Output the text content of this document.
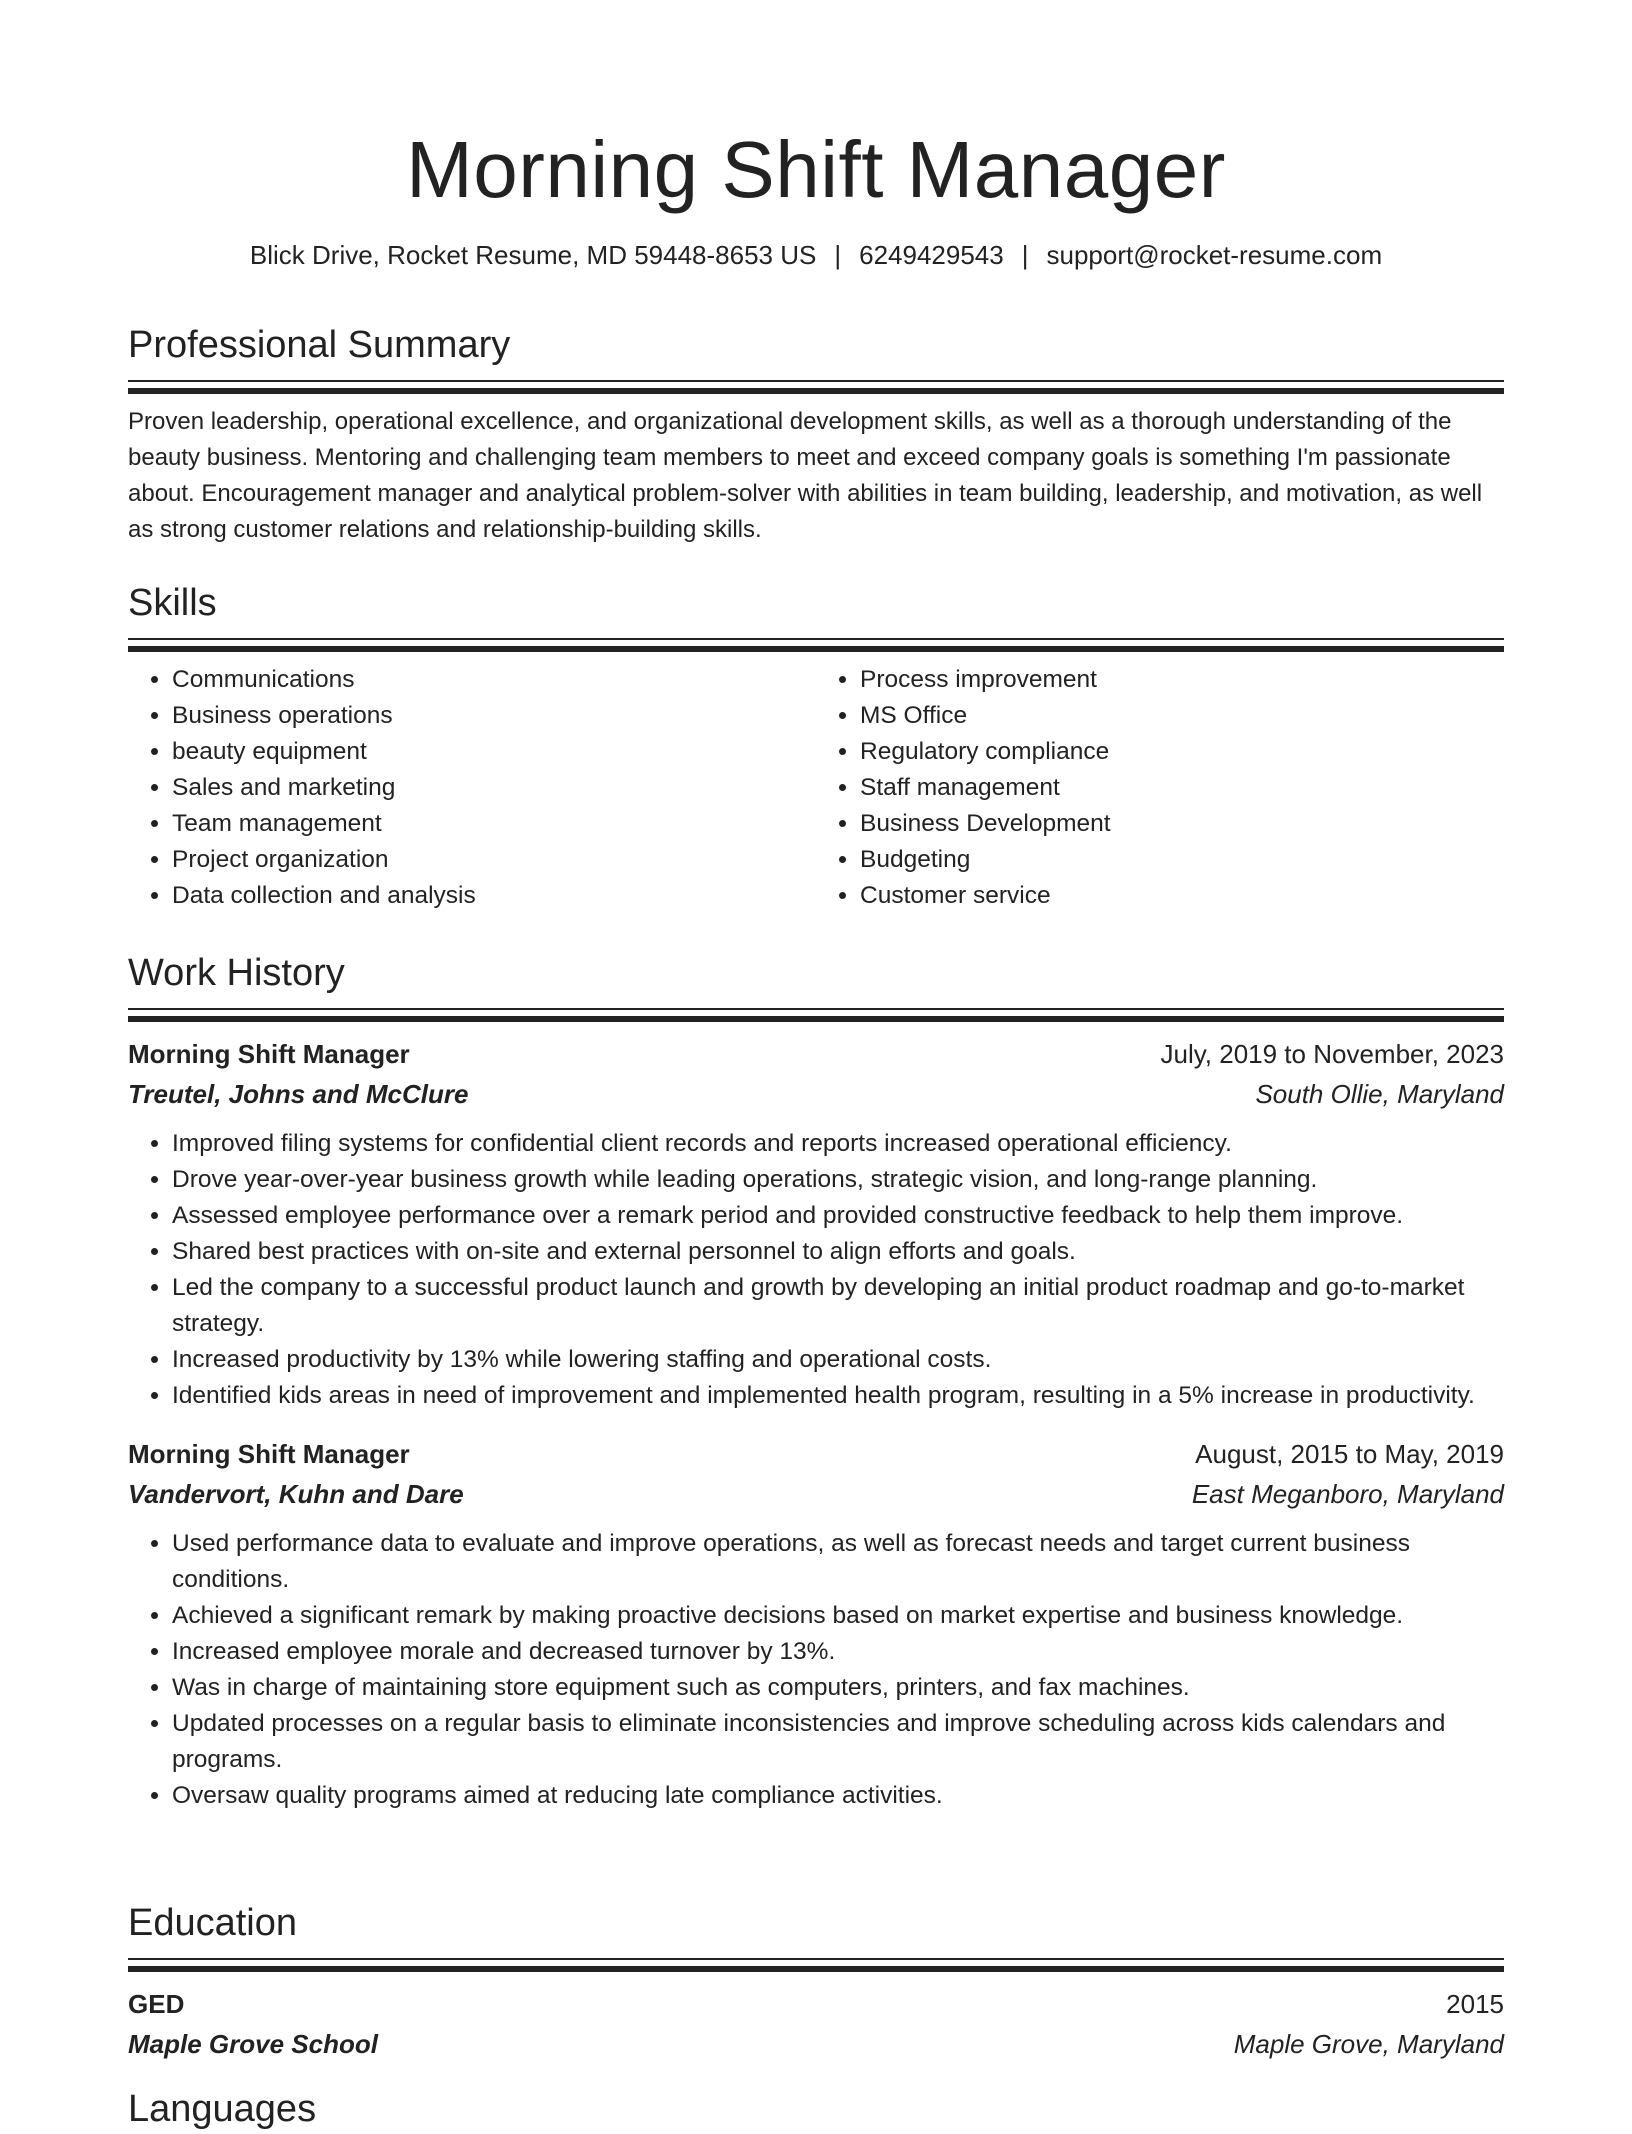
Morning Shift Manager
Blick Drive, Rocket Resume, MD 59448-8653 US | 6249429543 | support@rocket-resume.com
Professional Summary

Proven leadership, operational excellence, and organizational development skills, as well as a thorough understanding of the beauty business. Mentoring and challenging team members to meet and exceed company goals is something I'm passionate about. Encouragement manager and analytical problem-solver with abilities in team building, leadership, and motivation, as well as strong customer relations and relationship-building skills.

Skills
• Communications
• Business operations
• beauty equipment
• Sales and marketing
• Team management
• Project organization
• Data collection and analysis
• Process improvement
• MS Office
• Regulatory compliance
• Staff management
• Business Development
• Budgeting
• Customer service
Work History
Morning Shift Manager	July, 2019 to November, 2023
Treutel, Johns and McClure	South Ollie, Maryland
• Improved filing systems for confidential client records and reports increased operational efficiency.
• Drove year-over-year business growth while leading operations, strategic vision, and long-range planning.
• Assessed employee performance over a remark period and provided constructive feedback to help them improve.
• Shared best practices with on-site and external personnel to align efforts and goals.
• Led the company to a successful product launch and growth by developing an initial product roadmap and go-to-market strategy.
• Increased productivity by 13% while lowering staffing and operational costs.
• Identified kids areas in need of improvement and implemented health program, resulting in a 5% increase in productivity.
Morning Shift Manager	August, 2015 to May, 2019
Vandervort, Kuhn and Dare	East Meganboro, Maryland
• Used performance data to evaluate and improve operations, as well as forecast needs and target current business conditions.
• Achieved a significant remark by making proactive decisions based on market expertise and business knowledge.
• Increased employee morale and decreased turnover by 13%.
• Was in charge of maintaining store equipment such as computers, printers, and fax machines.
• Updated processes on a regular basis to eliminate inconsistencies and improve scheduling across kids calendars and programs.
• Oversaw quality programs aimed at reducing late compliance activities.
Education
GED	2015
Maple Grove School	Maple Grove, Maryland
Languages
